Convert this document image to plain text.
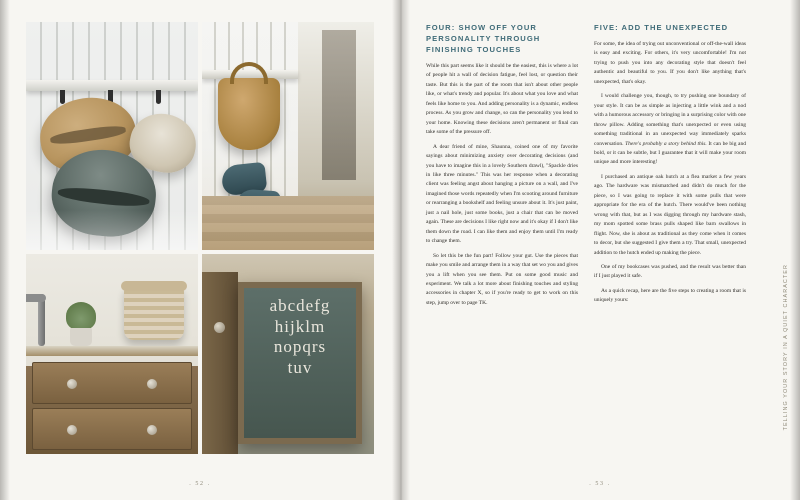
abcdefg
hijklm
nopqrs
tuv
. 52 .
FOUR: SHOW OFF YOUR PERSONALITY THROUGH FINISHING TOUCHES

While this part seems like it should be the easiest, this is where a lot of people hit a wall of decision fatigue, feel lost, or question their taste. But this is the part of the room that isn't about other people like, or what's trendy and popular. It's about what you love and what feels like home to you. And adding personality is a dynamic, endless process. As you grow and change, so can the personality you lend to your home. Knowing these decisions aren't permanent or final can take some of the pressure off.

A dear friend of mine, Shaunna, coined one of my favorite sayings about minimizing anxiety over decorating decisions (and you have to imagine this in a lovely Southern drawl), "Spackle dries in like three minutes." This was her response when a decorating client was feeling angst about hanging a picture on a wall, and I've imagined those words repeatedly when I'm scooting around furniture or rearranging a bookshelf and feeling unsure about it. It's just paint, just a nail hole, just some books, just a chair that can be moved again. These are decisions I like right now and it's okay if I don't like them down the road. I can like them and enjoy them until I'm ready to change them.

So let this be the fun part! Follow your gut. Use the pieces that make you smile and arrange them in a way that set wo you and gives you a lift when you see them. Put on some good music and experiment. We talk a lot more about finishing touches and styling accessories in chapter X, so if you're ready to get to work on this step, jump over to page TK.

FIVE: ADD THE UNEXPECTED

For some, the idea of trying out unconventional or off-the-wall ideas is easy and exciting. For others, it's very uncomfortable! I'm not trying to push you into any decorating style that doesn't feel authentic and beautiful to you. If you don't like anything that's unexpected, that's okay.

I would challenge you, though, to try pushing one boundary of your style. It can be as simple as injecting a little wink and a nod with a humorous accessory or bringing in a surprising color with one throw pillow. Adding something that's unexpected or even using something traditional in an unexpected way immediately sparks conversation. There's probably a story behind this. It can be big and bold, or it can be subtle, but I guarantee that it will make your room unique and more interesting!

I purchased an antique oak hutch at a flea market a few years ago. The hardware was mismatched and didn't do much for the piece, so I was going to replace it with some pulls that were appropriate for the era of the hutch. There would've been nothing wrong with that, but as I was digging through my hardware stash, my mom spotted some brass pulls shaped like barn swallows in flight. Now, she is about as traditional as they come when it comes to decor, but she suggested I give them a try. That small, unexpected addition to the hutch ended up making the piece.

One of my bookcases was pushed, and the result was better than if I just played it safe.

As a quick recap, here are the five steps to creating a room that is uniquely yours:	TELLING YOUR STORY IN A QUIET CHARACTER
. 53 .
